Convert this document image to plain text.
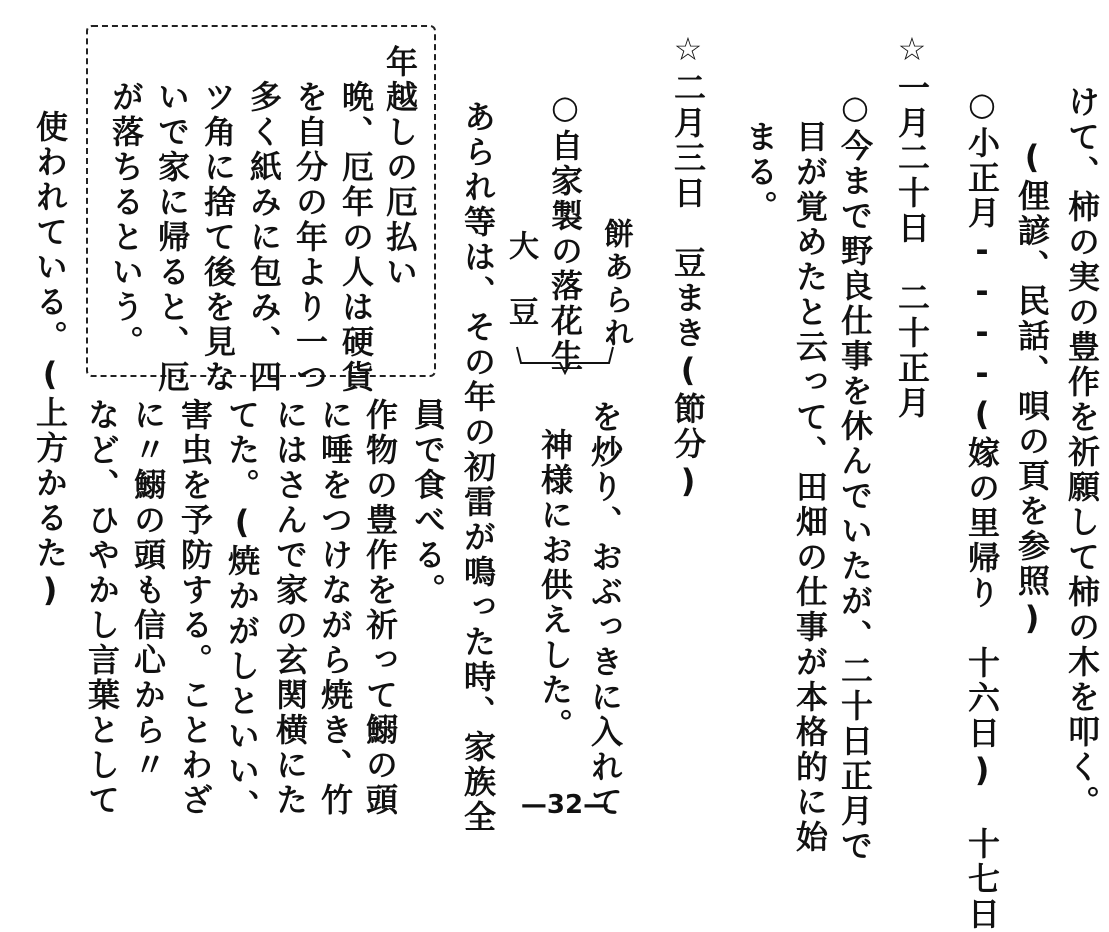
けて、柿の実の豊作を祈願して柿の木を叩く。
(俚諺、民話、唄の頁を参照)
○小正月----(嫁の里帰り　十六日)　十七日
☆一月二十日　二十正月
○今まで野良仕事を休んでいたが、二十日正月で
目が覚めたと云って、田畑の仕事が本格的に始
まる。
☆二月三日　豆まき(節分)
餅あられ
を炒り、おぶっきに入れて
○自家製の落花生
神様にお供えした。
大　豆
あられ等は、その年の初雷が鳴った時、家族全
員で食べる。
作物の豊作を祈って鰯の頭
に唾をつけながら焼き、竹
にはさんで家の玄関横にた
てた。(焼かがしといい、
害虫を予防する。ことわざ
に〃鰯の頭も信心から〃
など、ひやかし言葉として
使われている。(上方かるた)	年越しの厄払い
晩、厄年の人は硬貨
を自分の年より一つ
多く紙みに包み、四
ツ角に捨て後を見な
いで家に帰ると、厄
が落ちるという。
—32—
